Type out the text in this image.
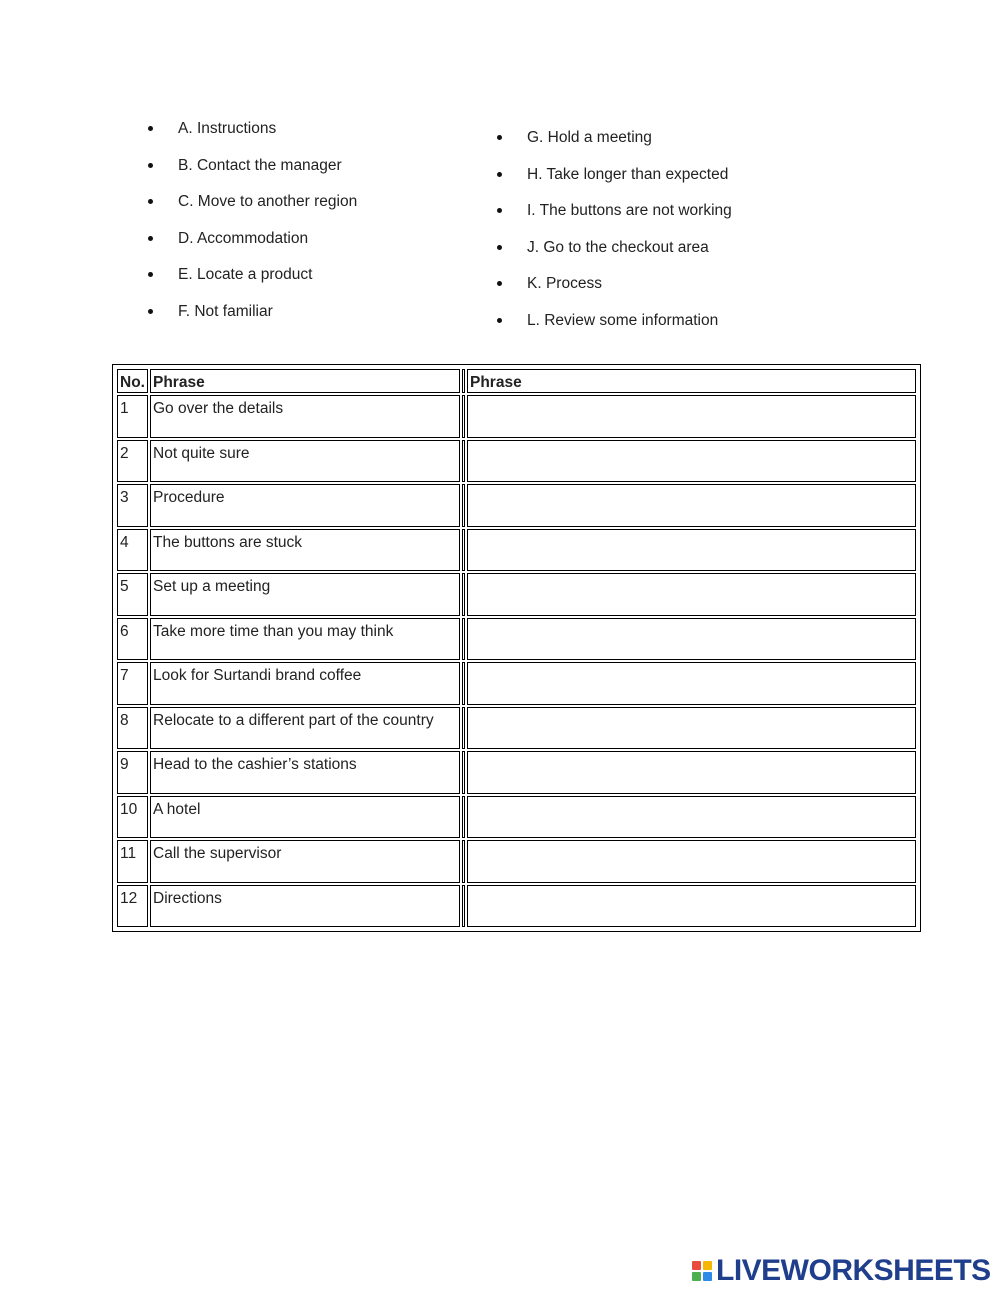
A. Instructions
B. Contact the manager
C. Move to another region
D. Accommodation
E. Locate a product
F. Not familiar
G. Hold a meeting
H. Take longer than expected
I. The buttons are not working
J. Go to the checkout area
K. Process
L. Review some information
No.	Phrase		Phrase
1	Go over the details		
2	Not quite sure		
3	Procedure		
4	The buttons are stuck		
5	Set up a meeting		
6	Take more time than you may think		
7	Look for Surtandi brand coffee		
8	Relocate to a different part of the country		
9	Head to the cashier’s stations		
10	A hotel		
11	Call the supervisor		
12	Directions		
LIVEWORKSHEETS
